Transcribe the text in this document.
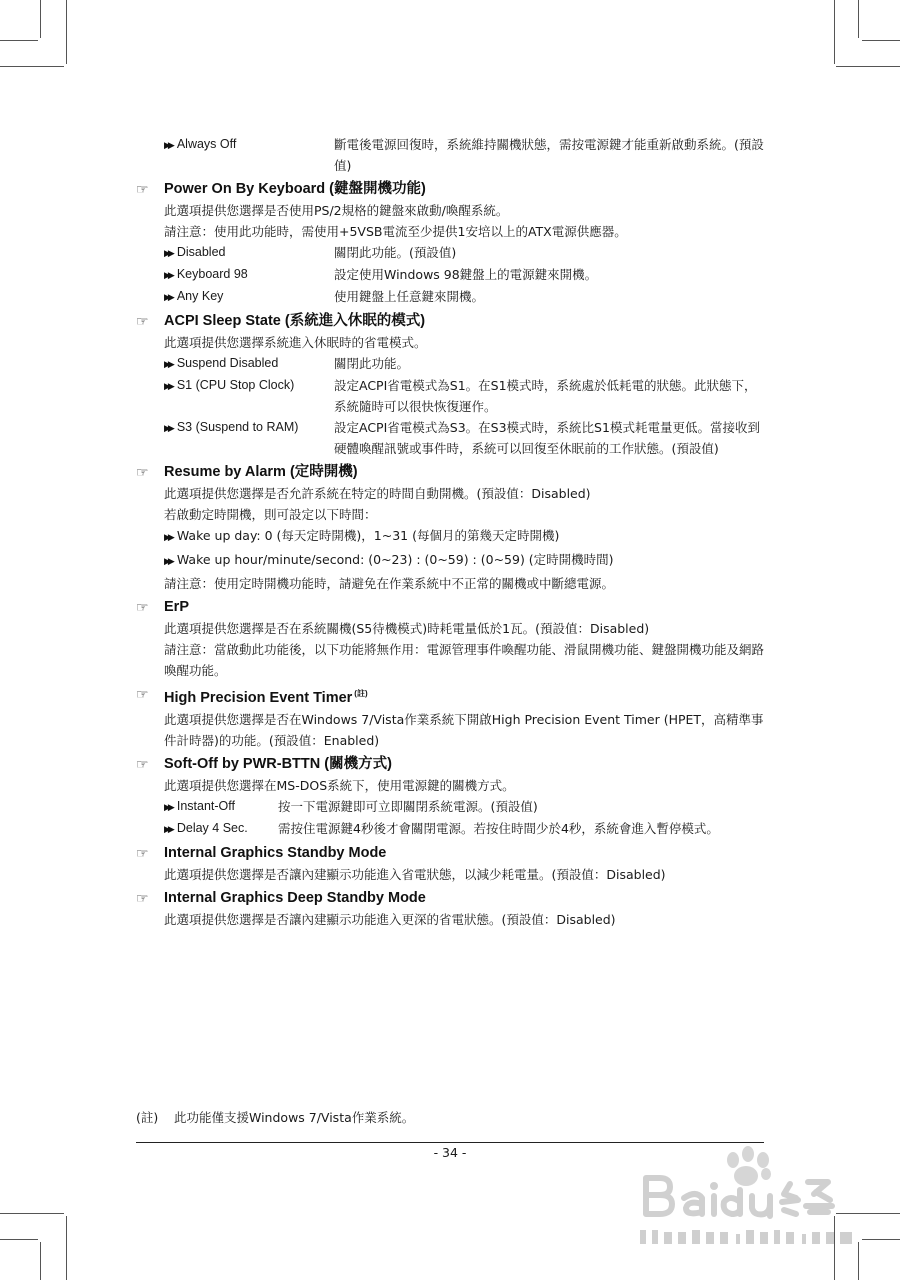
▶▶ Always Off	斷電後電源回復時，系統維持關機狀態，需按電源鍵才能重新啟動系統。(預設值)
☞ Power On By Keyboard (鍵盤開機功能)
此選項提供您選擇是否使用PS/2規格的鍵盤來啟動/喚醒系統。
請注意：使用此功能時，需使用+5VSB電流至少提供1安培以上的ATX電源供應器。
▶▶ Disabled	關閉此功能。(預設值)
▶▶ Keyboard 98	設定使用Windows 98鍵盤上的電源鍵來開機。
▶▶ Any Key	使用鍵盤上任意鍵來開機。
☞ ACPI Sleep State (系統進入休眠的模式)
此選項提供您選擇系統進入休眠時的省電模式。
▶▶ Suspend Disabled	關閉此功能。
▶▶ S1 (CPU Stop Clock)	設定ACPI省電模式為S1。在S1模式時，系統處於低耗電的狀態。此狀態下，系統隨時可以很快恢復運作。
▶▶ S3 (Suspend to RAM)	設定ACPI省電模式為S3。在S3模式時，系統比S1模式耗電量更低。當接收到硬體喚醒訊號或事件時，系統可以回復至休眠前的工作狀態。(預設值)
☞ Resume by Alarm (定時開機)
此選項提供您選擇是否允許系統在特定的時間自動開機。(預設值：Disabled)
若啟動定時開機，則可設定以下時間：
▶▶ Wake up day: 0 (每天定時開機)，1~31 (每個月的第幾天定時開機)
▶▶ Wake up hour/minute/second: (0~23) : (0~59) : (0~59) (定時開機時間)
請注意：使用定時開機功能時，請避免在作業系統中不正常的關機或中斷總電源。
☞ ErP
此選項提供您選擇是否在系統關機(S5待機模式)時耗電量低於1瓦。(預設值：Disabled)
請注意：當啟動此功能後，以下功能將無作用：電源管理事件喚醒功能、滑鼠開機功能、鍵盤開機功能及網路喚醒功能。
☞ High Precision Event Timer $^{(註)}$
此選項提供您選擇是否在Windows 7/Vista作業系統下開啟High Precision Event Timer (HPET，高精準事件計時器)的功能。(預設值：Enabled)
☞ Soft-Off by PWR-BTTN (關機方式)
此選項提供您選擇在MS-DOS系統下，使用電源鍵的關機方式。
▶▶ Instant-Off	按一下電源鍵即可立即關閉系統電源。(預設值)
▶▶ Delay 4 Sec.	需按住電源鍵4秒後才會關閉電源。若按住時間少於4秒，系統會進入暫停模式。
☞ Internal Graphics Standby Mode
此選項提供您選擇是否讓內建顯示功能進入省電狀態，以減少耗電量。(預設值：Disabled)
☞ Internal Graphics Deep Standby Mode
此選項提供您選擇是否讓內建顯示功能進入更深的省電狀態。(預設值：Disabled)
(註) 此功能僅支援Windows 7/Vista作業系統。
- 34 -
